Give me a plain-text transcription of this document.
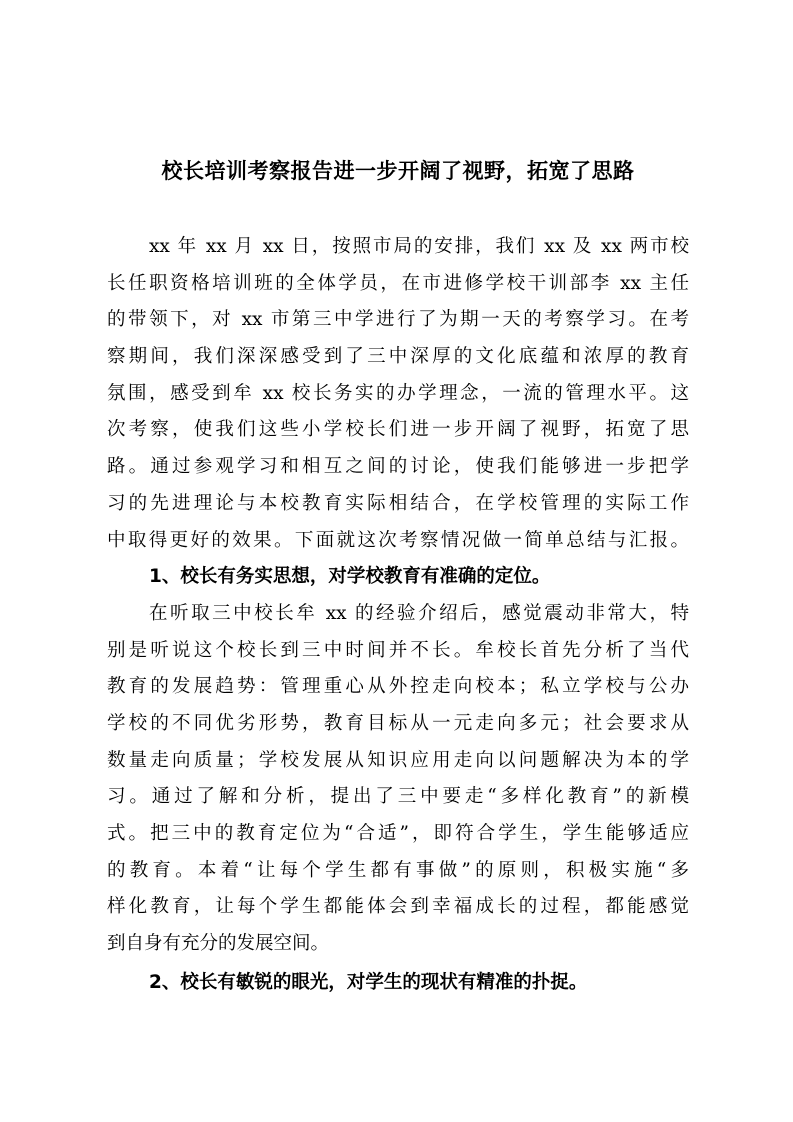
校长培训考察报告进一步开阔了视野，拓宽了思路
xx 年 xx 月 xx 日，按照市局的安排，我们 xx 及 xx 两市校
长任职资格培训班的全体学员，在市进修学校干训部李 xx 主任
的带领下，对 xx 市第三中学进行了为期一天的考察学习。在考
察期间，我们深深感受到了三中深厚的文化底蕴和浓厚的教育
氛围，感受到牟 xx 校长务实的办学理念，一流的管理水平。这
次考察，使我们这些小学校长们进一步开阔了视野，拓宽了思
路。通过参观学习和相互之间的讨论，使我们能够进一步把学
习的先进理论与本校教育实际相结合，在学校管理的实际工作
中取得更好的效果。下面就这次考察情况做一简单总结与汇报。
1、校长有务实思想，对学校教育有准确的定位。
在听取三中校长牟 xx 的经验介绍后，感觉震动非常大，特
别是听说这个校长到三中时间并不长。牟校长首先分析了当代
教育的发展趋势：管理重心从外控走向校本；私立学校与公办
学校的不同优劣形势，教育目标从一元走向多元；社会要求从
数量走向质量；学校发展从知识应用走向以问题解决为本的学
习。通过了解和分析，提出了三中要走“多样化教育”的新模
式。把三中的教育定位为“合适”，即符合学生，学生能够适应
的教育。本着“让每个学生都有事做”的原则，积极实施“多
样化教育，让每个学生都能体会到幸福成长的过程，都能感觉
到自身有充分的发展空间。
2、校长有敏锐的眼光，对学生的现状有精准的扑捉。
